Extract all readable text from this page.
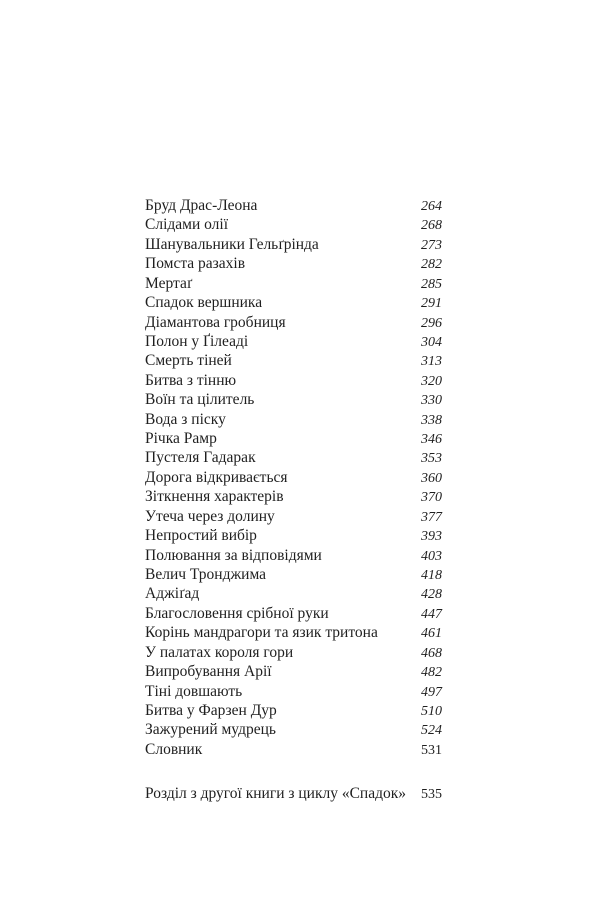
Бруд Драс-Леона	264
Слідами олії	268
Шанувальники Гельґрінда	273
Помста разахів	282
Мертаґ	285
Спадок вершника	291
Діамантова гробниця	296
Полон у Ґілеаді	304
Смерть тіней	313
Битва з тінню	320
Воїн та цілитель	330
Вода з піску	338
Річка Рамр	346
Пустеля Гадарак	353
Дорога відкривається	360
Зіткнення характерів	370
Утеча через долину	377
Непростий вибір	393
Полювання за відповідями	403
Велич Тронджима	418
Аджіґад	428
Благословення срібної руки	447
Корінь мандрагори та язик тритона	461
У палатах короля гори	468
Випробування Арії	482
Тіні довшають	497
Битва у Фарзен Дур	510
Зажурений мудрець	524
Словник	531
Розділ з другої книги з циклу «Спадок» 535
